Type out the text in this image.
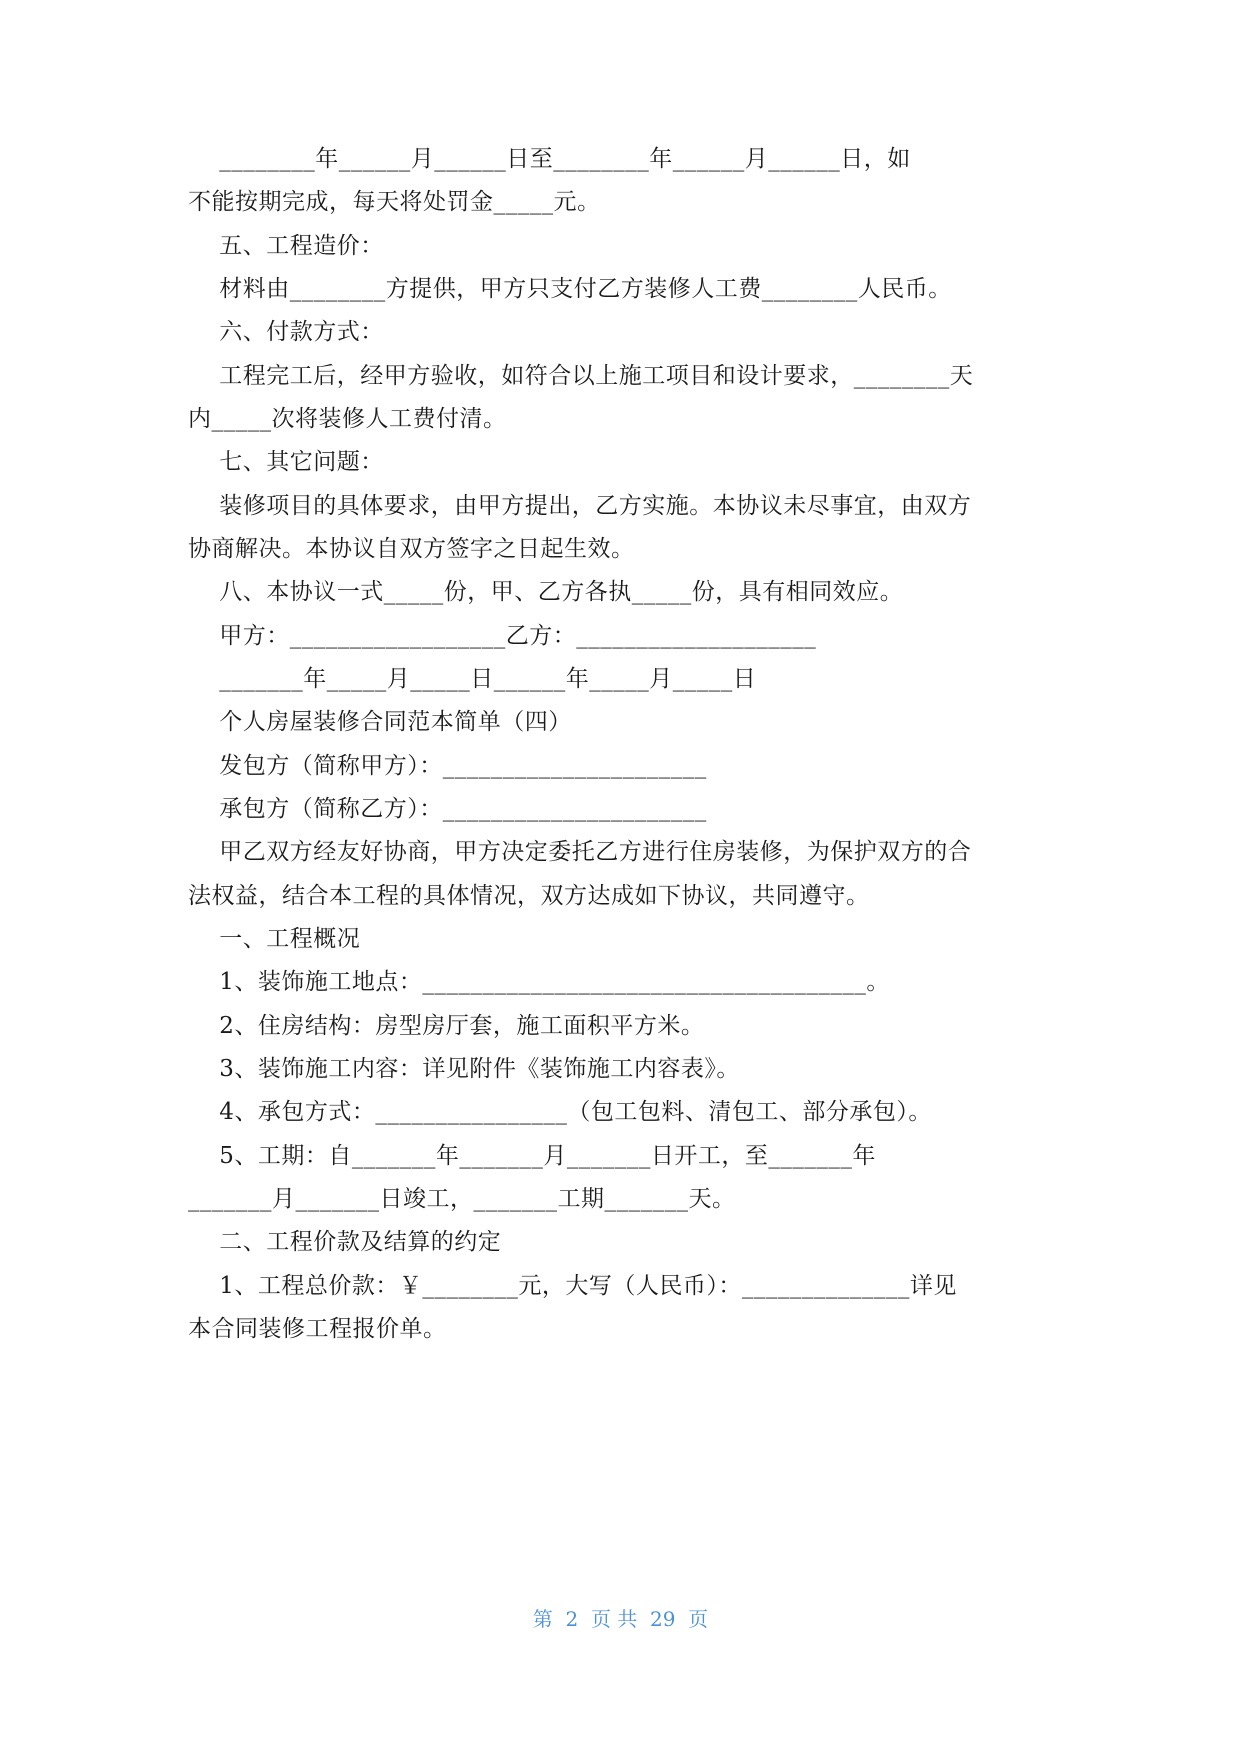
________年______月______日至________年______月______日，如
不能按期完成，每天将处罚金_____元。
五、工程造价：
材料由________方提供，甲方只支付乙方装修人工费________人民币。
六、付款方式：
工程完工后，经甲方验收，如符合以上施工项目和设计要求，________天
内_____次将装修人工费付清。
七、其它问题：
装修项目的具体要求，由甲方提出，乙方实施。本协议未尽事宜，由双方
协商解决。本协议自双方签字之日起生效。
八、本协议一式_____份，甲、乙方各执_____份，具有相同效应。
甲方：__________________乙方：____________________
_______年_____月_____日______年_____月_____日
个人房屋装修合同范本简单（四）
发包方（简称甲方）：______________________
承包方（简称乙方）：______________________
甲乙双方经友好协商，甲方决定委托乙方进行住房装修，为保护双方的合
法权益，结合本工程的具体情况，双方达成如下协议，共同遵守。
一、工程概况
1、装饰施工地点：_____________________________________。
2、住房结构：房型房厅套，施工面积平方米。
3、装饰施工内容：详见附件《装饰施工内容表》。
4、承包方式：________________（包工包料、清包工、部分承包）。
5、工期：自_______年_______月_______日开工，至_______年
_______月_______日竣工，_______工期_______天。
二、工程价款及结算的约定
1、工程总价款：￥________元，大写（人民币）：______________详见
本合同装修工程报价单。
第  2  页 共  29  页
